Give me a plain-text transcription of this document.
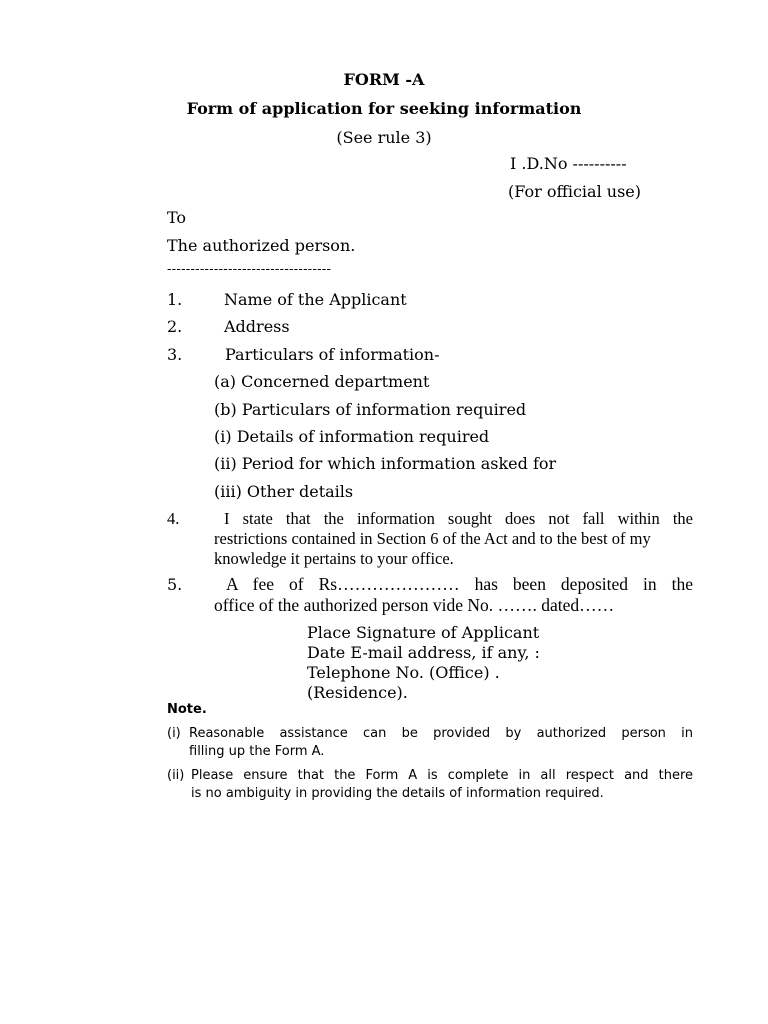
FORM -A
Form of application for seeking information
(See rule 3)
I .D.No ----------
(For official use)
To
The authorized person.
-----------------------------------
1.	Name of the Applicant
2.	Address
3.	Particulars of information-
(a) Concerned department
(b) Particulars of information required
(i) Details of information required
(ii) Period for which information asked for
(iii) Other details
4.	I state that the information sought does not fall within the
restrictions contained in Section 6 of the Act and to the best of my
knowledge it pertains to your office.
5. A fee of Rs………………… has been deposited in the
office of the authorized person vide No. ……. dated……
Place Signature of Applicant
Date E-mail address, if any, :
Telephone No. (Office) .
(Residence).
Note.
(i) Reasonable assistance can be provided by authorized person in
filling up the Form A.
(ii) Please ensure that the Form A is complete in all respect and there
is no ambiguity in providing the details of information required.
